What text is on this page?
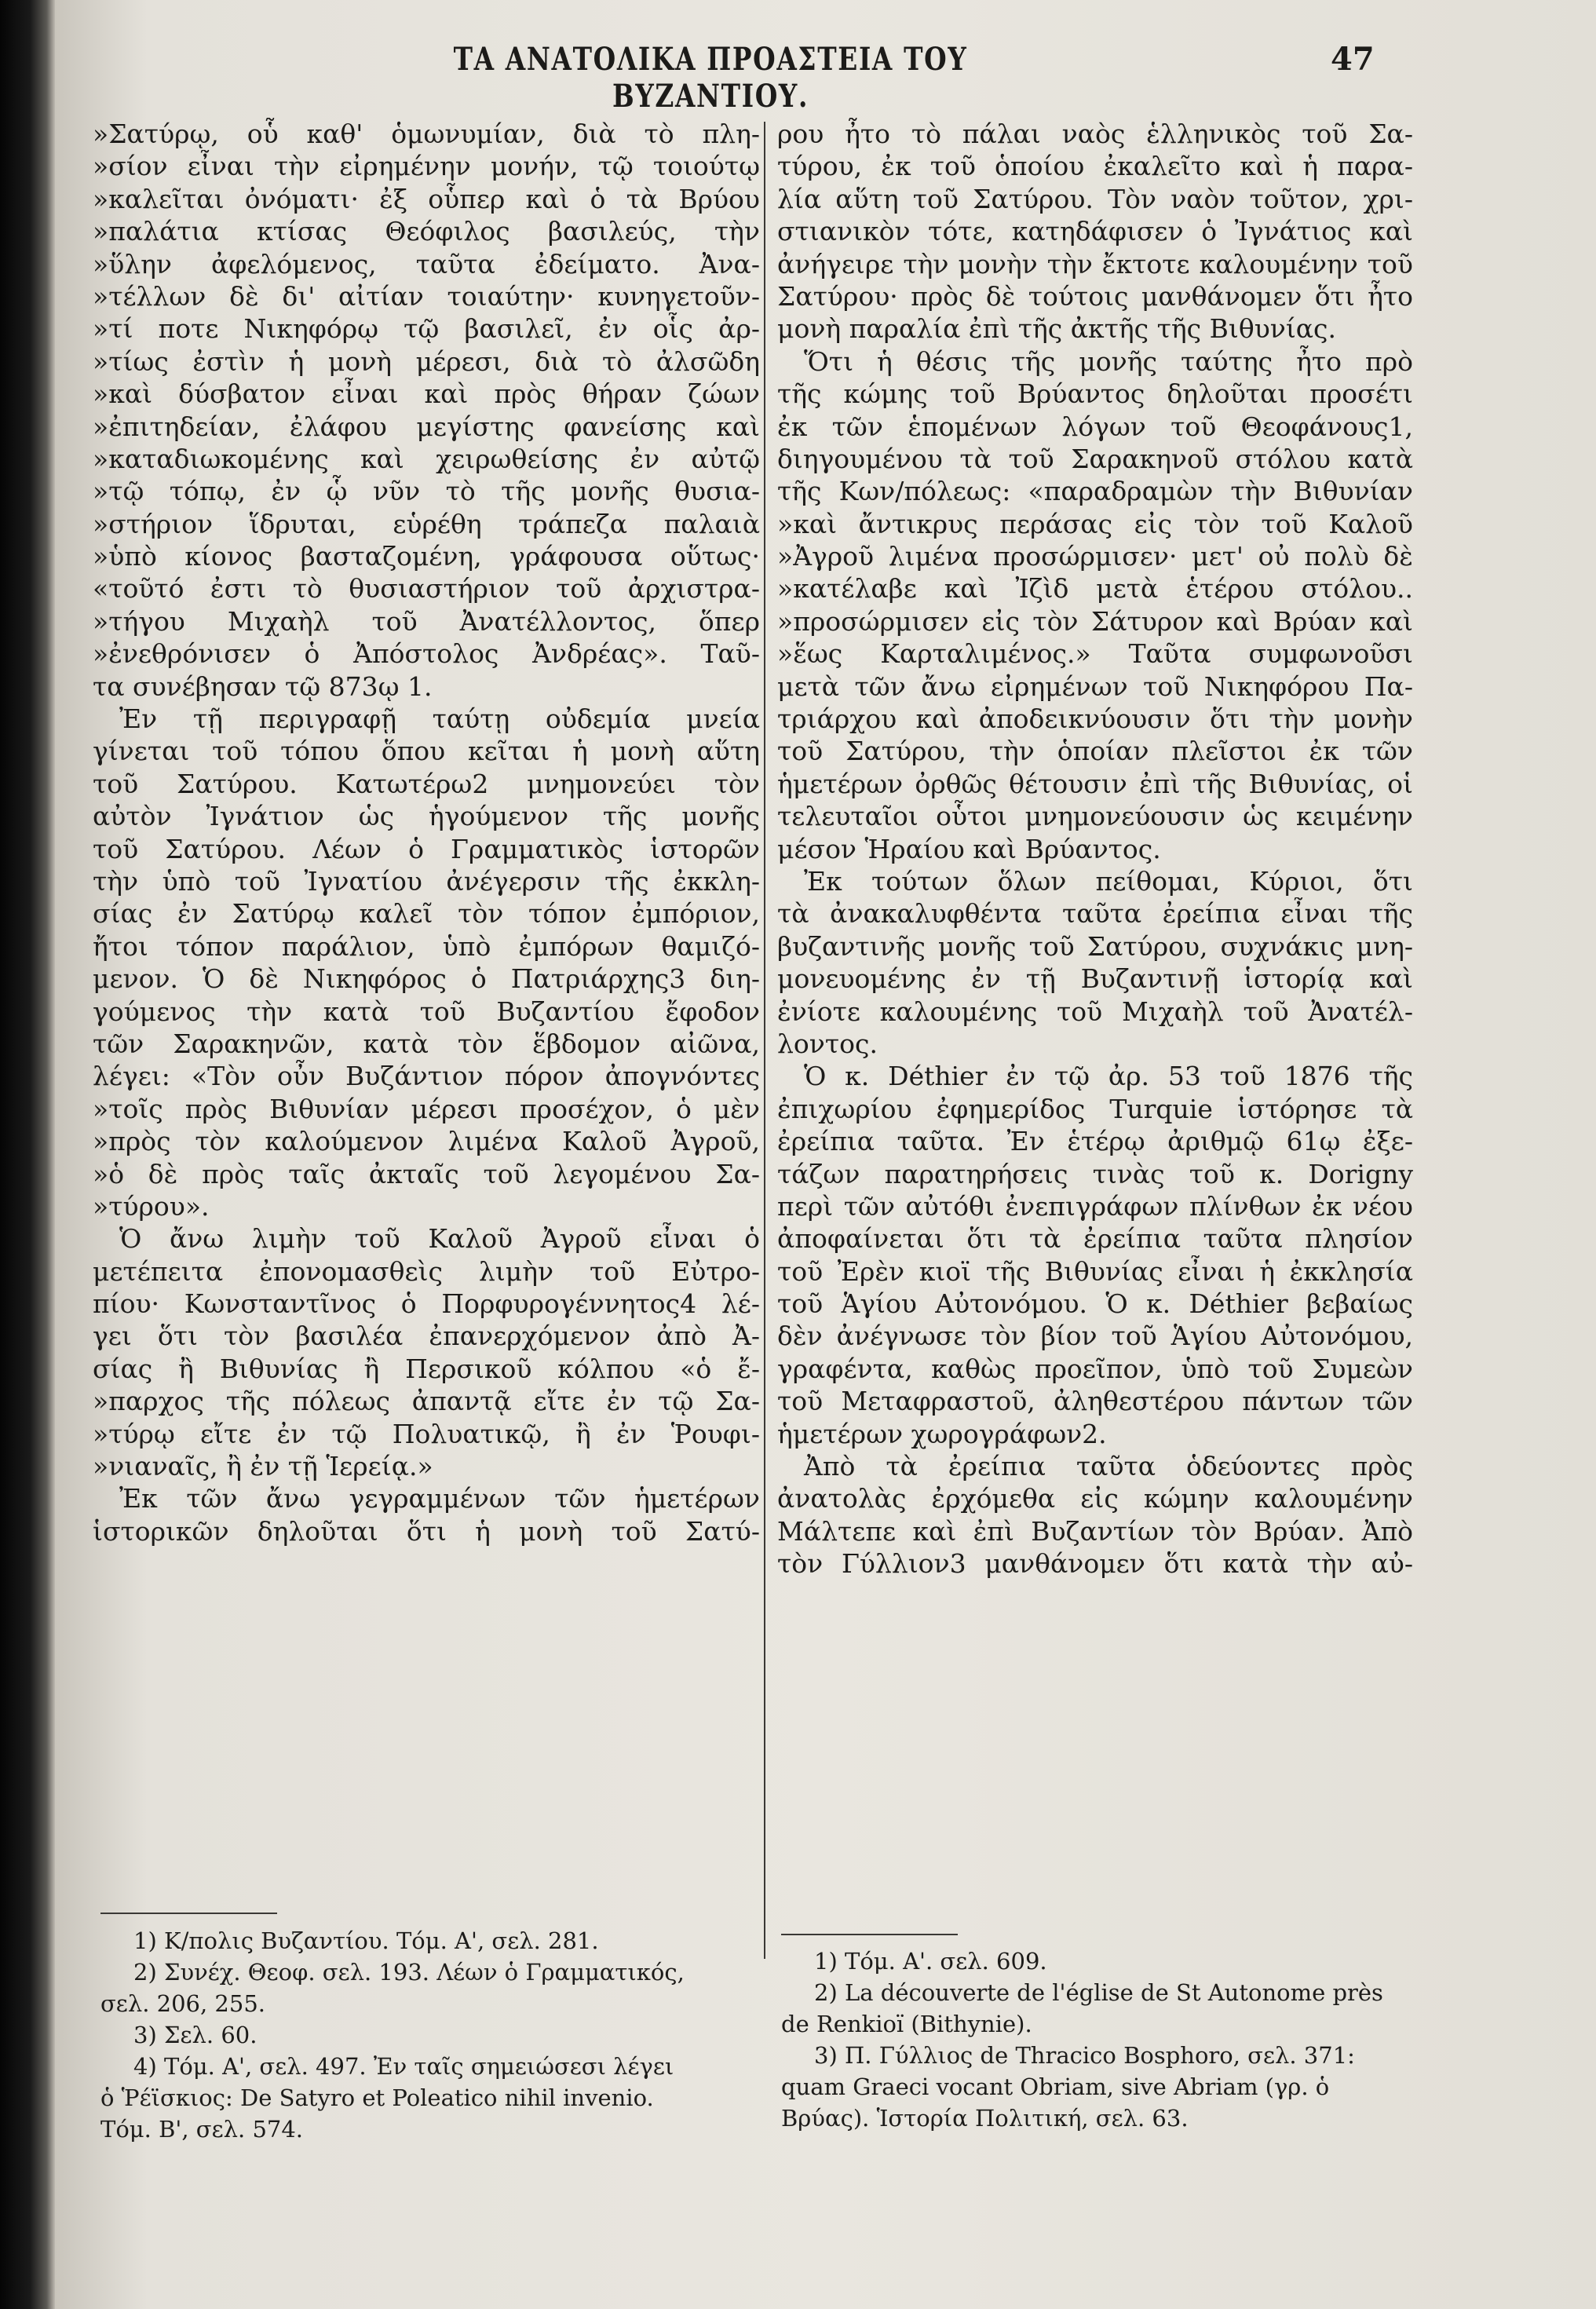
ΤΑ ΑΝΑΤΟΛΙΚΑ ΠΡΟΑΣΤΕΙΑ ΤΟΥ ΒΥΖΑΝΤΙΟΥ.
47
»Σατύρῳ, οὗ καθ' ὁμωνυμίαν, διὰ τὸ πλη-
»σίον εἶναι τὴν εἰρημένην μονήν, τῷ τοιούτῳ
»καλεῖται ὀνόματι· ἐξ οὗπερ καὶ ὁ τὰ Βρύου
»παλάτια κτίσας Θεόφιλος βασιλεύς, τὴν
»ὕλην ἀφελόμενος, ταῦτα ἐδείματο. Ἀνα-
»τέλλων δὲ δι' αἰτίαν τοιαύτην· κυνηγετοῦν-
»τί ποτε Νικηφόρῳ τῷ βασιλεῖ, ἐν οἷς ἀρ-
»τίως ἐστὶν ἡ μονὴ μέρεσι, διὰ τὸ ἀλσῶδη
»καὶ δύσβατον εἶναι καὶ πρὸς θήραν ζώων
»ἐπιτηδείαν, ἐλάφου μεγίστης φανείσης καὶ
»καταδιωκομένης καὶ χειρωθείσης ἐν αὐτῷ
»τῷ τόπῳ, ἐν ᾧ νῦν τὸ τῆς μονῆς θυσια-
»στήριον ἵδρυται, εὑρέθη τράπεζα παλαιὰ
»ὑπὸ κίονος βασταζομένη, γράφουσα οὕτως·
«τοῦτό ἐστι τὸ θυσιαστήριον τοῦ ἀρχιστρα-
»τήγου Μιχαὴλ τοῦ Ἀνατέλλοντος, ὅπερ
»ἐνεθρόνισεν ὁ Ἀπόστολος Ἀνδρέας». Ταῦ-
τα συνέβησαν τῷ 873ῳ 1.
Ἐν τῇ περιγραφῇ ταύτῃ οὐδεμία μνεία
γίνεται τοῦ τόπου ὅπου κεῖται ἡ μονὴ αὕτη
τοῦ Σατύρου. Κατωτέρω2 μνημονεύει τὸν
αὐτὸν Ἰγνάτιον ὡς ἡγούμενον τῆς μονῆς
τοῦ Σατύρου. Λέων ὁ Γραμματικὸς ἱστορῶν
τὴν ὑπὸ τοῦ Ἰγνατίου ἀνέγερσιν τῆς ἐκκλη-
σίας ἐν Σατύρῳ καλεῖ τὸν τόπον ἐμπόριον,
ἤτοι τόπον παράλιον, ὑπὸ ἐμπόρων θαμιζό-
μενον. Ὁ δὲ Νικηφόρος ὁ Πατριάρχης3 διη-
γούμενος τὴν κατὰ τοῦ Βυζαντίου ἔφοδον
τῶν Σαρακηνῶν, κατὰ τὸν ἕβδομον αἰῶνα,
λέγει: «Τὸν οὖν Βυζάντιον πόρον ἀπογνόντες
»τοῖς πρὸς Βιθυνίαν μέρεσι προσέχον, ὁ μὲν
»πρὸς τὸν καλούμενον λιμένα Καλοῦ Ἀγροῦ,
»ὁ δὲ πρὸς ταῖς ἀκταῖς τοῦ λεγομένου Σα-
»τύρου».
Ὁ ἄνω λιμὴν τοῦ Καλοῦ Ἀγροῦ εἶναι ὁ
μετέπειτα ἐπονομασθεὶς λιμὴν τοῦ Εὐτρο-
πίου· Κωνσταντῖνος ὁ Πορφυρογέννητος4 λέ-
γει ὅτι τὸν βασιλέα ἐπανερχόμενον ἀπὸ Ἀ-
σίας ἢ Βιθυνίας ἢ Περσικοῦ κόλπου «ὁ ἔ-
»παρχος τῆς πόλεως ἀπαντᾷ εἴτε ἐν τῷ Σα-
»τύρῳ εἴτε ἐν τῷ Πολυατικῷ, ἢ ἐν Ῥουφι-
»νιαναῖς, ἢ ἐν τῇ Ἱερείᾳ.»
Ἐκ τῶν ἄνω γεγραμμένων τῶν ἡμετέρων
ἱστορικῶν δηλοῦται ὅτι ἡ μονὴ τοῦ Σατύ-
ρου ἦτο τὸ πάλαι ναὸς ἑλληνικὸς τοῦ Σα-
τύρου, ἐκ τοῦ ὁποίου ἐκαλεῖτο καὶ ἡ παρα-
λία αὕτη τοῦ Σατύρου. Τὸν ναὸν τοῦτον, χρι-
στιανικὸν τότε, κατηδάφισεν ὁ Ἰγνάτιος καὶ
ἀνήγειρε τὴν μονὴν τὴν ἔκτοτε καλουμένην τοῦ
Σατύρου· πρὸς δὲ τούτοις μανθάνομεν ὅτι ἦτο
μονὴ παραλία ἐπὶ τῆς ἀκτῆς τῆς Βιθυνίας.
Ὅτι ἡ θέσις τῆς μονῆς ταύτης ἦτο πρὸ
τῆς κώμης τοῦ Βρύαντος δηλοῦται προσέτι
ἐκ τῶν ἑπομένων λόγων τοῦ Θεοφάνους1,
διηγουμένου τὰ τοῦ Σαρακηνοῦ στόλου κατὰ
τῆς Κων/πόλεως: «παραδραμὼν τὴν Βιθυνίαν
»καὶ ἄντικρυς περάσας εἰς τὸν τοῦ Καλοῦ
»Ἀγροῦ λιμένα προσώρμισεν· μετ' οὐ πολὺ δὲ
»κατέλαβε καὶ Ἰζὶδ μετὰ ἑτέρου στόλου..
»προσώρμισεν εἰς τὸν Σάτυρον καὶ Βρύαν καὶ
»ἕως Καρταλιμένος.» Ταῦτα συμφωνοῦσι
μετὰ τῶν ἄνω εἰρημένων τοῦ Νικηφόρου Πα-
τριάρχου καὶ ἀποδεικνύουσιν ὅτι τὴν μονὴν
τοῦ Σατύρου, τὴν ὁποίαν πλεῖστοι ἐκ τῶν
ἡμετέρων ὀρθῶς θέτουσιν ἐπὶ τῆς Βιθυνίας, οἱ
τελευταῖοι οὗτοι μνημονεύουσιν ὡς κειμένην
μέσον Ἡραίου καὶ Βρύαντος.
Ἐκ τούτων ὅλων πείθομαι, Κύριοι, ὅτι
τὰ ἀνακαλυφθέντα ταῦτα ἐρείπια εἶναι τῆς
βυζαντινῆς μονῆς τοῦ Σατύρου, συχνάκις μνη-
μονευομένης ἐν τῇ Βυζαντινῇ ἱστορίᾳ καὶ
ἐνίοτε καλουμένης τοῦ Μιχαὴλ τοῦ Ἀνατέλ-
λοντος.
Ὁ κ. Déthier ἐν τῷ ἀρ. 53 τοῦ 1876 τῆς
ἐπιχωρίου ἐφημερίδος Turquie ἱστόρησε τὰ
ἐρείπια ταῦτα. Ἐν ἑτέρῳ ἀριθμῷ 61ῳ ἐξε-
τάζων παρατηρήσεις τινὰς τοῦ κ. Dorigny
περὶ τῶν αὐτόθι ἐνεπιγράφων πλίνθων ἐκ νέου
ἀποφαίνεται ὅτι τὰ ἐρείπια ταῦτα πλησίον
τοῦ Ἐρὲν κιοϊ τῆς Βιθυνίας εἶναι ἡ ἐκκλησία
τοῦ Ἁγίου Αὐτονόμου. Ὁ κ. Déthier βεβαίως
δὲν ἀνέγνωσε τὸν βίον τοῦ Ἁγίου Αὐτονόμου,
γραφέντα, καθὼς προεῖπον, ὑπὸ τοῦ Συμεὼν
τοῦ Μεταφραστοῦ, ἀληθεστέρου πάντων τῶν
ἡμετέρων χωρογράφων2.
Ἀπὸ τὰ ἐρείπια ταῦτα ὁδεύοντες πρὸς
ἀνατολὰς ἐρχόμεθα εἰς κώμην καλουμένην
Μάλτεπε καὶ ἐπὶ Βυζαντίων τὸν Βρύαν. Ἀπὸ
τὸν Γύλλιον3 μανθάνομεν ὅτι κατὰ τὴν αὐ-
1) Κ/πολις Βυζαντίου. Τόμ. Α', σελ. 281.
2) Συνέχ. Θεοφ. σελ. 193. Λέων ὁ Γραμματικός,
σελ. 206, 255.
3) Σελ. 60.
4) Τόμ. Α', σελ. 497. Ἐν ταῖς σημειώσεσι λέγει
ὁ Ῥέϊσκιος: De Satyro et Poleatico nihil invenio.
Τόμ. Β', σελ. 574.
1) Τόμ. Α'. σελ. 609.
2) La découverte de l'église de St Autonome près de Renkioï (Bithynie).
3) Π. Γύλλιος de Thracico Bosphoro, σελ. 371: quam Graeci vocant Obriam, sive Abriam (γρ. ὁ Βρύας). Ἱστορία Πολιτική, σελ. 63.
